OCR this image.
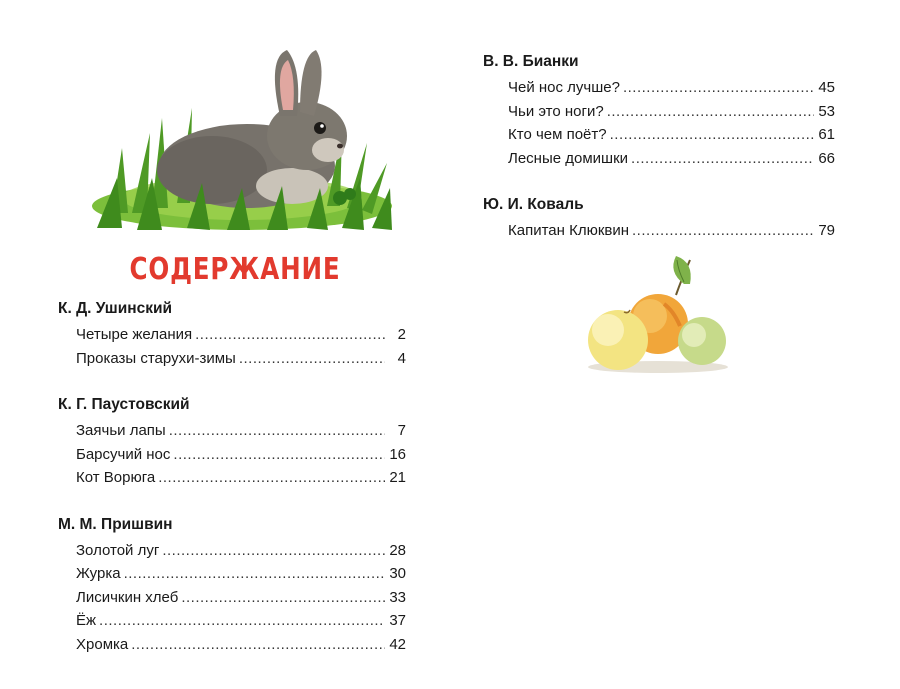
СОДЕРЖАНИЕ
К. Д. Ушинский
Четыре желания .....	2
Проказы старухи-зимы .....	4
К. Г. Паустовский
Заячьи лапы .....	7
Барсучий нос .....	16
Кот Ворюга .....	21
М. М. Пришвин
Золотой луг .....	28
Журка .....	30
Лисичкин хлеб .....	33
Ёж .....	37
Хромка .....	42
В. В. Бианки
Чей нос лучше? .....	45
Чьи это ноги? .....	53
Кто чем поёт? .....	61
Лесные домишки .....	66
Ю. И. Коваль
Капитан Клюквин .....	79
